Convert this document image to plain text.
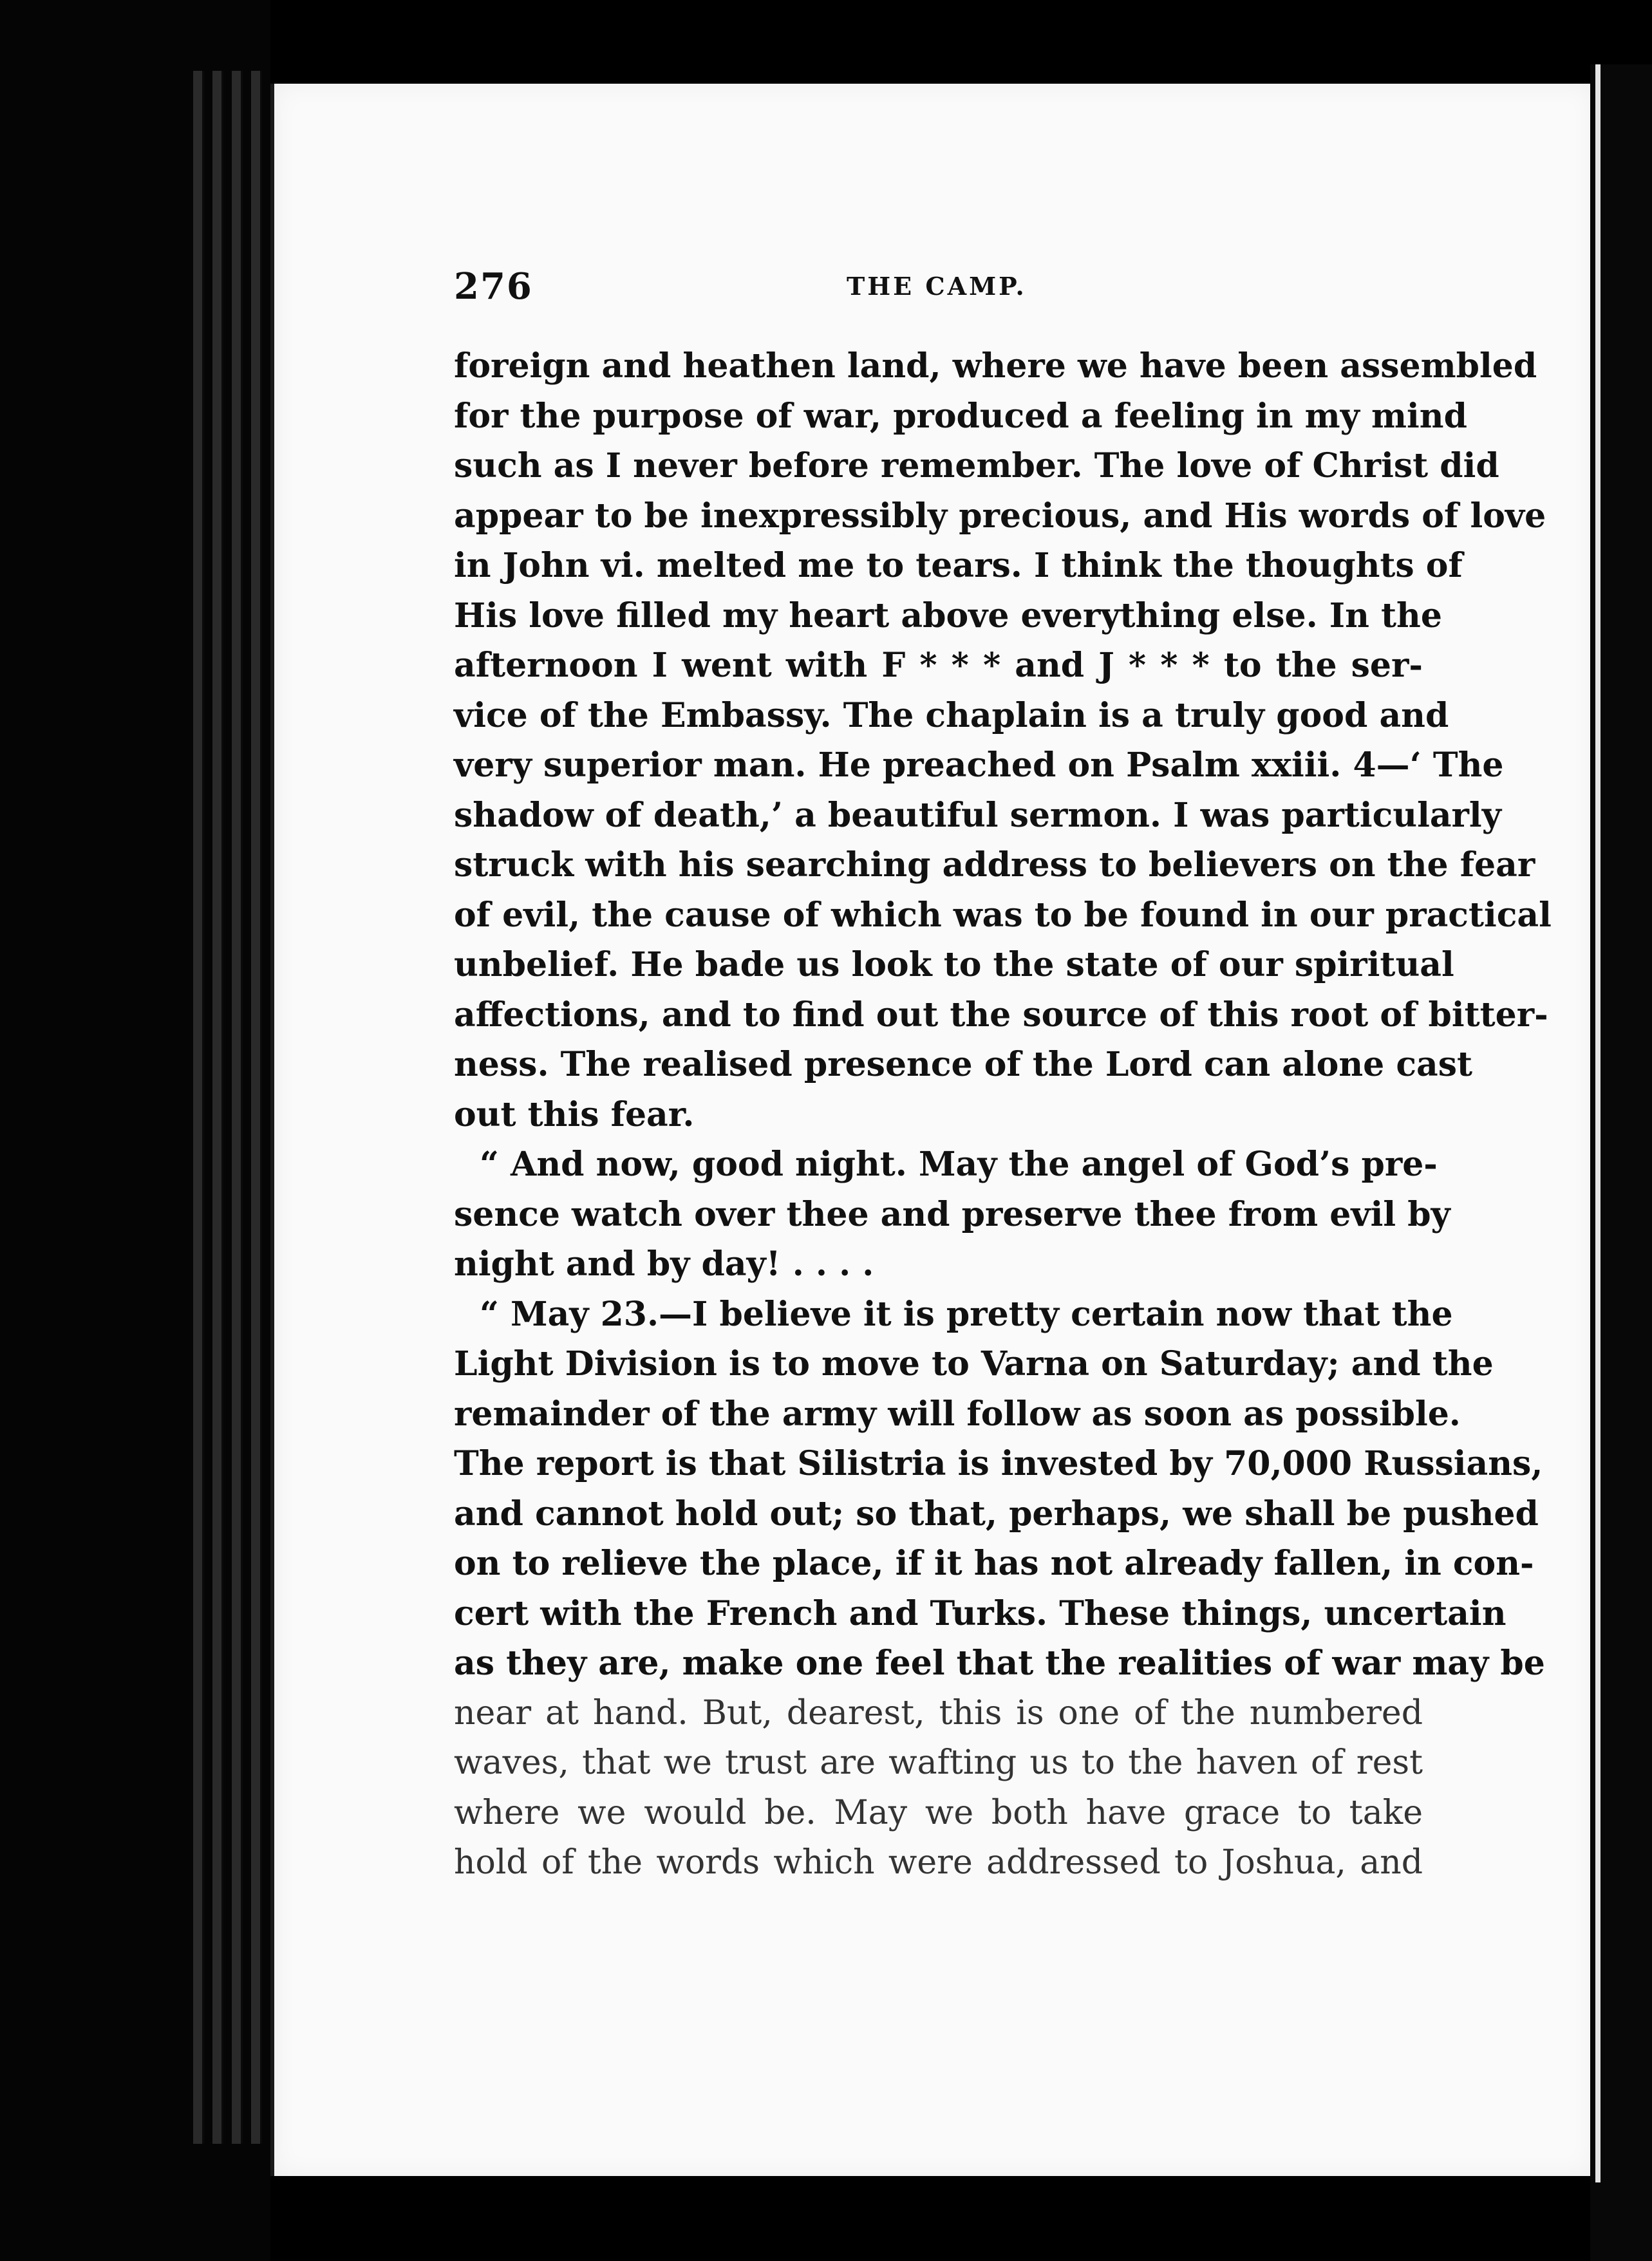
276	THE CAMP.
foreign and heathen land, where we have been assembled
for the purpose of war, produced a feeling in my mind
such as I never before remember. The love of Christ did
appear to be inexpressibly precious, and His words of love
in John vi. melted me to tears. I think the thoughts of
His love filled my heart above everything else. In the
afternoon I went with F * * * and J * * * to the ser-
vice of the Embassy. The chaplain is a truly good and
very superior man. He preached on Psalm xxiii. 4—‘ The
shadow of death,’ a beautiful sermon. I was particularly
struck with his searching address to believers on the fear
of evil, the cause of which was to be found in our practical
unbelief. He bade us look to the state of our spiritual
affections, and to find out the source of this root of bitter-
ness. The realised presence of the Lord can alone cast
out this fear.
“ And now, good night. May the angel of God’s pre-
sence watch over thee and preserve thee from evil by
night and by day! . . . .
“ May 23.—I believe it is pretty certain now that the
Light Division is to move to Varna on Saturday; and the
remainder of the army will follow as soon as possible.
The report is that Silistria is invested by 70,000 Russians,
and cannot hold out; so that, perhaps, we shall be pushed
on to relieve the place, if it has not already fallen, in con-
cert with the French and Turks. These things, uncertain
as they are, make one feel that the realities of war may be
near at hand. But, dearest, this is one of the numbered
waves, that we trust are wafting us to the haven of rest
where we would be. May we both have grace to take
hold of the words which were addressed to Joshua, and
